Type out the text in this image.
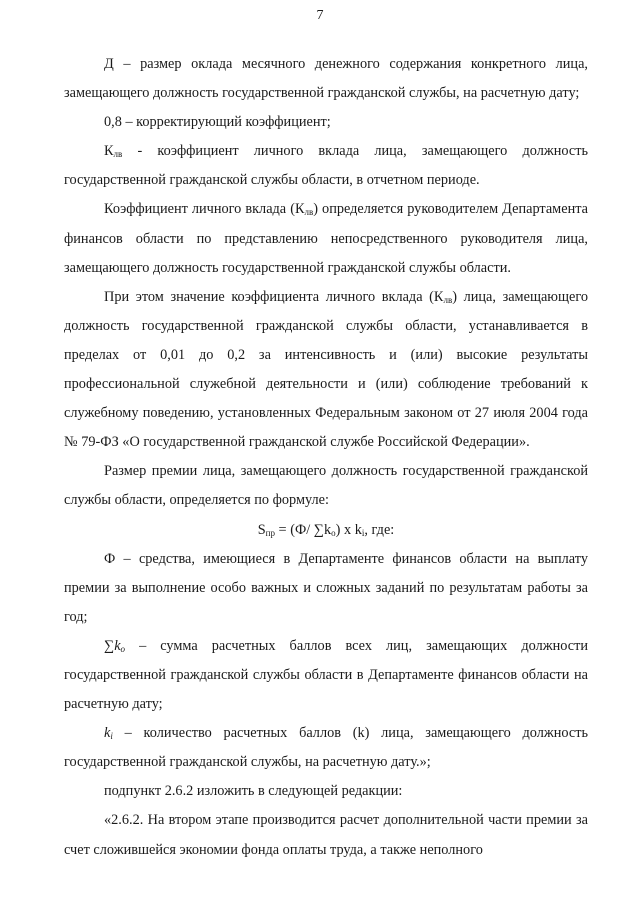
7

Д – размер оклада месячного денежного содержания конкретного лица, замещающего должность государственной гражданской службы, на расчетную дату;

0,8 – корректирующий коэффициент;

$К_{лв}$ - коэффициент личного вклада лица, замещающего должность государственной гражданской службы области, в отчетном периоде.

Коэффициент личного вклада $(К_{лв})$ определяется руководителем Департамента финансов области по представлению непосредственного руководителя лица, замещающего должность государственной гражданской службы области.

При этом значение коэффициента личного вклада $(К_{лв})$ лица, замещающего должность государственной гражданской службы области, устанавливается в пределах от 0,01 до 0,2 за интенсивность и (или) высокие результаты профессиональной служебной деятельности и (или) соблюдение требований к служебному поведению, установленных Федеральным законом от 27 июля 2004 года № 79-ФЗ «О государственной гражданской службе Российской Федерации».

Размер премии лица, замещающего должность государственной гражданской службы области, определяется по формуле:

$S_{пр} = (Ф/$ $\sum k_о$) х $k_i$, где:

Ф – средства, имеющиеся в Департаменте финансов области на выплату премии за выполнение особо важных и сложных заданий по результатам работы за год;

$\sum k_o$ – сумма расчетных баллов всех лиц, замещающих должности государственной гражданской службы области в Департаменте финансов области на расчетную дату;

$k_i$ – количество расчетных баллов (k) лица, замещающего должность государственной гражданской службы, на расчетную дату.»;

подпункт 2.6.2 изложить в следующей редакции:

«2.6.2. На втором этапе производится расчет дополнительной части премии за счет сложившейся экономии фонда оплаты труда, а также неполного
